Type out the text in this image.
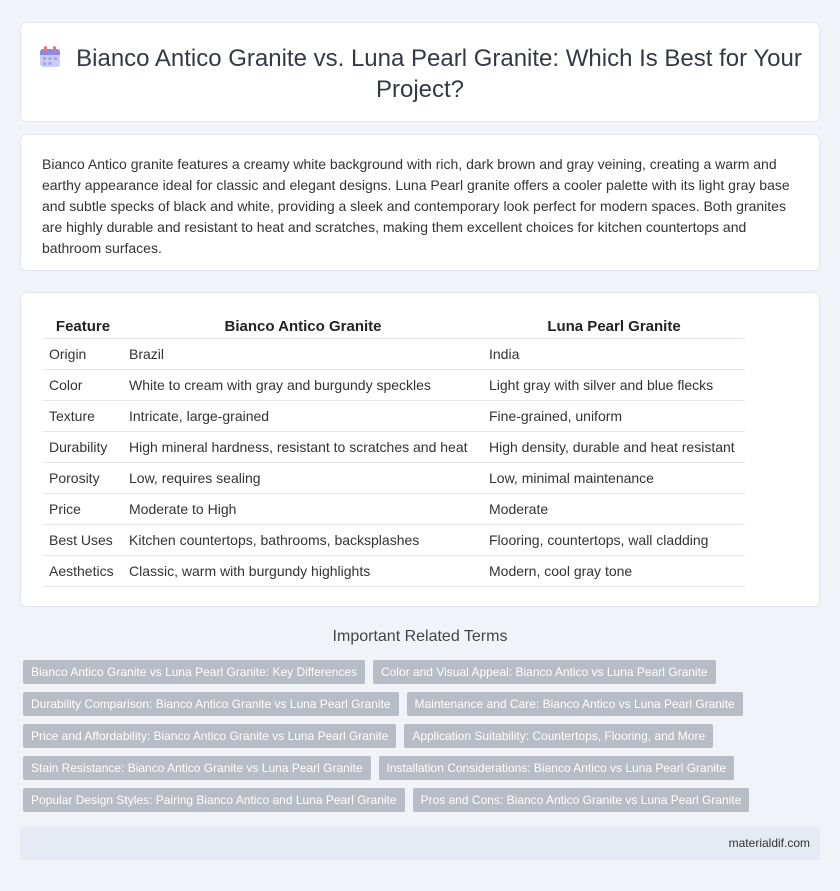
Bianco Antico Granite vs. Luna Pearl Granite: Which Is Best for Your Project?

Bianco Antico granite features a creamy white background with rich, dark brown and gray veining, creating a warm and earthy appearance ideal for classic and elegant designs. Luna Pearl granite offers a cooler palette with its light gray base and subtle specks of black and white, providing a sleek and contemporary look perfect for modern spaces. Both granites are highly durable and resistant to heat and scratches, making them excellent choices for kitchen countertops and bathroom surfaces.

Feature	Bianco Antico Granite	Luna Pearl Granite
Origin	Brazil	India
Color	White to cream with gray and burgundy speckles	Light gray with silver and blue flecks
Texture	Intricate, large-grained	Fine-grained, uniform
Durability	High mineral hardness, resistant to scratches and heat	High density, durable and heat resistant
Porosity	Low, requires sealing	Low, minimal maintenance
Price	Moderate to High	Moderate
Best Uses	Kitchen countertops, bathrooms, backsplashes	Flooring, countertops, wall cladding
Aesthetics	Classic, warm with burgundy highlights	Modern, cool gray tone
Important Related Terms
Bianco Antico Granite vs Luna Pearl Granite: Key Differences	Color and Visual Appeal: Bianco Antico vs Luna Pearl Granite
Durability Comparison: Bianco Antico Granite vs Luna Pearl Granite	Maintenance and Care: Bianco Antico vs Luna Pearl Granite
Price and Affordability: Bianco Antico Granite vs Luna Pearl Granite	Application Suitability: Countertops, Flooring, and More
Stain Resistance: Bianco Antico Granite vs Luna Pearl Granite	Installation Considerations: Bianco Antico vs Luna Pearl Granite
Popular Design Styles: Pairing Bianco Antico and Luna Pearl Granite	Pros and Cons: Bianco Antico Granite vs Luna Pearl Granite
materialdif.com
